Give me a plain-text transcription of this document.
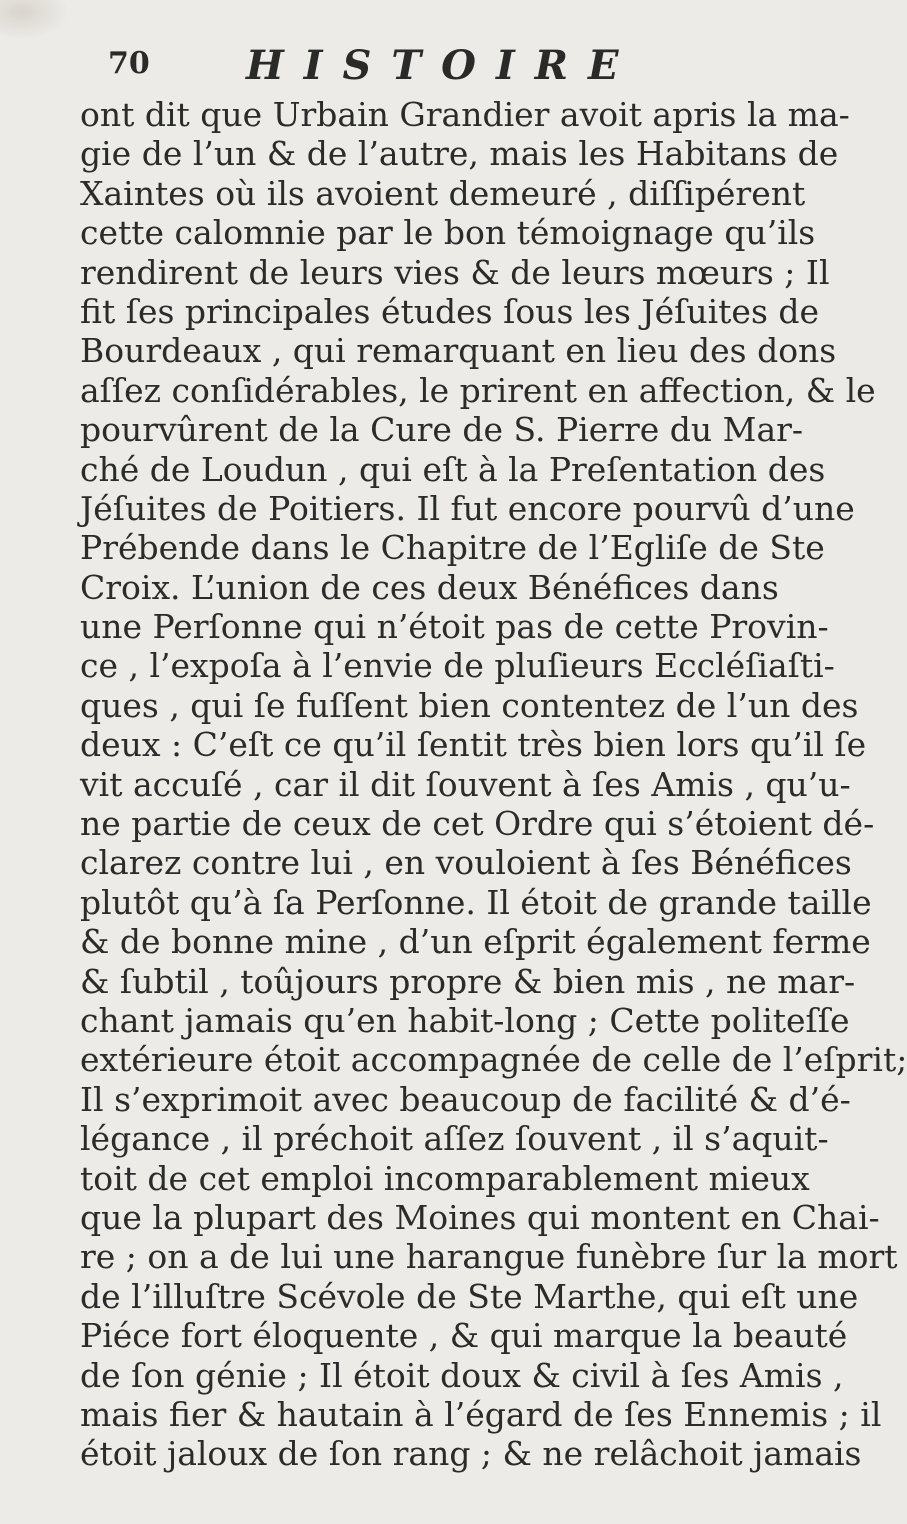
70 HISTOIRE
ont dit que Urbain Grandier avoit apris la ma-
gie de l’un & de l’autre, mais les Habitans de
Xaintes où ils avoient demeuré , diſſipérent
cette calomnie par le bon témoignage qu’ils
rendirent de leurs vies & de leurs mœurs ; Il
fit ſes principales études ſous les Jéſuites de
Bourdeaux , qui remarquant en lieu des dons
aſſez conſidérables, le prirent en affection, & le
pourvûrent de la Cure de S. Pierre du Mar-
ché de Loudun , qui eſt à la Preſentation des
Jéſuites de Poitiers. Il fut encore pourvû d’une
Prébende dans le Chapitre de l’Egliſe de Ste
Croix. L’union de ces deux Bénéfices dans
une Perſonne qui n’étoit pas de cette Provin-
ce , l’expoſa à l’envie de pluſieurs Eccléſiaſti-
ques , qui ſe fuſſent bien contentez de l’un des
deux : C’eſt ce qu’il ſentit très bien lors qu’il ſe
vit accuſé , car il dit ſouvent à ſes Amis , qu’u-
ne partie de ceux de cet Ordre qui s’étoient dé-
clarez contre lui , en vouloient à ſes Bénéfices
plutôt qu’à ſa Perſonne. Il étoit de grande taille
& de bonne mine , d’un eſprit également ferme
& ſubtil , toûjours propre & bien mis , ne mar-
chant jamais qu’en habit-long ; Cette politeſſe
extérieure étoit accompagnée de celle de l’eſprit;
Il s’exprimoit avec beaucoup de facilité & d’é-
légance , il préchoit aſſez ſouvent , il s’aquit-
toit de cet emploi incomparablement mieux
que la plupart des Moines qui montent en Chai-
re ; on a de lui une harangue funèbre ſur la mort
de l’illuſtre Scévole de Ste Marthe, qui eſt une
Piéce fort éloquente , & qui marque la beauté
de ſon génie ; Il étoit doux & civil à ſes Amis ,
mais fier & hautain à l’égard de ſes Ennemis ; il
étoit jaloux de ſon rang ; & ne relâchoit jamais
